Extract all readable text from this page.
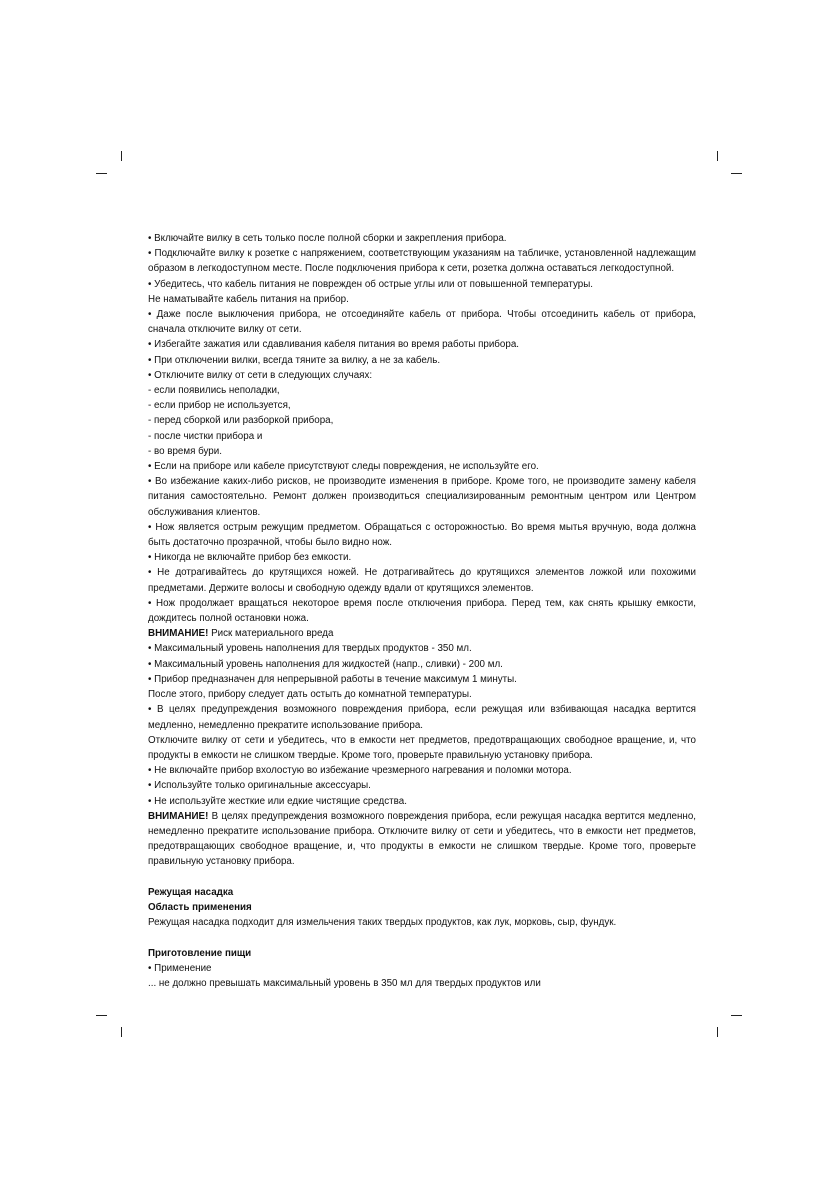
• Включайте вилку в сеть только после полной сборки и закрепления прибора.

• Подключайте вилку к розетке с напряжением, соответствующим указаниям на табличке, установленной надлежащим образом в легкодоступном месте. После подключения прибора к сети, розетка должна оставаться легкодоступной.

• Убедитесь, что кабель питания не поврежден об острые углы или от повышенной температуры.

Не наматывайте кабель питания на прибор.

• Даже после выключения прибора, не отсоединяйте кабель от прибора. Чтобы отсоединить кабель от прибора, сначала отключите вилку от сети.

• Избегайте зажатия или сдавливания кабеля питания во время работы прибора.

• При отключении вилки, всегда тяните за вилку, а не за кабель.

• Отключите вилку от сети в следующих случаях:

- если появились неполадки,

- если прибор не используется,

- перед сборкой или разборкой прибора,

- после чистки прибора и

- во время бури.

• Если на приборе или кабеле присутствуют следы повреждения, не используйте его.

• Во избежание каких-либо рисков, не производите изменения в приборе. Кроме того, не производите замену кабеля питания самостоятельно. Ремонт должен производиться специализированным ремонтным центром или Центром обслуживания клиентов.

• Нож является острым режущим предметом. Обращаться с осторожностью. Во время мытья вручную, вода должна быть достаточно прозрачной, чтобы было видно нож.

• Никогда не включайте прибор без емкости.

• Не дотрагивайтесь до крутящихся ножей. Не дотрагивайтесь до крутящихся элементов ложкой или похожими предметами. Держите волосы и свободную одежду вдали от крутящихся элементов.

• Нож продолжает вращаться некоторое время после отключения прибора. Перед тем, как снять крышку емкости, дождитесь полной остановки ножа.

ВНИМАНИЕ! Риск материального вреда

• Максимальный уровень наполнения для твердых продуктов - 350 мл.

• Максимальный уровень наполнения для жидкостей (напр., сливки) - 200 мл.

• Прибор предназначен для непрерывной работы в течение максимум 1 минуты.

После этого, прибору следует дать остыть до комнатной температуры.

• В целях предупреждения возможного повреждения прибора, если режущая или взбивающая насадка вертится медленно, немедленно прекратите использование прибора.

Отключите вилку от сети и убедитесь, что в емкости нет предметов, предотвращающих свободное вращение, и, что продукты в емкости не слишком твердые. Кроме того, проверьте правильную установку прибора.

• Не включайте прибор вхолостую во избежание чрезмерного нагревания и поломки мотора.

• Используйте только оригинальные аксессуары.

• Не используйте жесткие или едкие чистящие средства.

ВНИМАНИЕ! В целях предупреждения возможного повреждения прибора, если режущая насадка вертится медленно, немедленно прекратите использование прибора. Отключите вилку от сети и убедитесь, что в емкости нет предметов, предотвращающих свободное вращение, и, что продукты в емкости не слишком твердые. Кроме того, проверьте правильную установку прибора.

Режущая насадка

Область применения

Режущая насадка подходит для измельчения таких твердых продуктов, как лук, морковь, сыр, фундук.

Приготовление пищи

• Применение

... не должно превышать максимальный уровень в 350 мл для твердых продуктов или
